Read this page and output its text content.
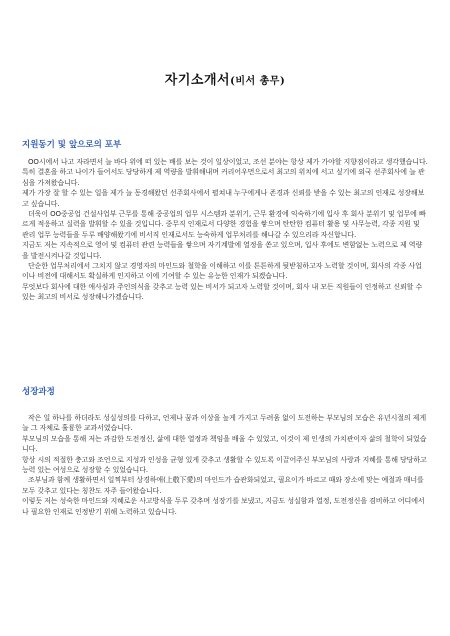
자기소개서(비서 총무)
지원동기 및 앞으로의 포부

OO시에서 나고 자라면서 늘 바다 위에 떠 있는 배를 보는 것이 일상이었고, 조선 분야는 항상 제가 가야할 지향점이라고 생각했습니다.

특히 결혼을 하고 나이가 들어서도 당당하게 제 역량을 발휘해내며 커리어우먼으로서 최고의 위치에 서고 싶기에 외국 선주회사에 늘 관심을 가져왔습니다.

제가 가장 잘 할 수 있는 일을 제가 늘 동경해왔던 선주회사에서 펼쳐내 누구에게나 존경과 신뢰를 받을 수 있는 최고의 인재로 성장해보고 싶습니다.

더욱이 OO중공업 건설사업부 근무를 통해 중공업의 업무 시스템과 분위기, 근무 환경에 익숙하기에 입사 후 회사 분위기 및 업무에 빠르게 적응하고 실력을 발휘할 수 있을 것입니다. 중무직 인재로서 다양한 경험을 쌓으며 탄탄한 컴퓨터 활용 및 사무능력, 각종 지원 및 관리 업무 능력들을 두루 배양해왔기에 비서직 인재로서도 능숙하게 업무처리를 해나갈 수 있으리라 자신합니다.

지금도 저는 지속적으로 영어 및 컴퓨터 관련 능력들을 쌓으며 자기계발에 열정을 쏟고 있으며, 입사 후에도 변함없는 노력으로 제 역량을 발전시켜나갈 것입니다.

단순한 업무처리에서 그치지 않고 경영자의 마인드와 철학을 이해하고 이를 튼튼하게 뒷받침하고자 노력할 것이며, 회사의 각종 사업이나 비전에 대해서도 확실하게 인지하고 이에 기여할 수 있는 유능한 인재가 되겠습니다.

무엇보다 회사에 대한 애사심과 주인의식을 갖추고 능력 있는 비서가 되고자 노력할 것이며, 회사 내 모든 직원들이 인정하고 신뢰할 수 있는 최고의 비서로 성장해나가겠습니다.

성장과정

작은 일 하나를 하더라도 성실성의를 다하고, 언제나 꿈과 이상을 높게 가지고 두려움 없이 도전하는 부모님의 모습은 유년시절의 제게 늘 그 자체로 훌륭한 교과서였습니다.

부모님의 모습을 통해 저는 과감한 도전정신, 삶에 대한 열정과 책임을 배울 수 있었고, 이것이 제 인생의 가치관이자 삶의 철학이 되었습니다.

항상 시의 적절한 충고와 조언으로 지성과 인성을 균형 있게 갖추고 생활할 수 있도록 이끌어주신 부모님의 사랑과 지혜를 통해 당당하고 능력 있는 여성으로 성장할 수 있었습니다.

조부님과 함께 생활하면서 일찍부터 상경하애(上敬下愛)의 마인드가 습관화되었고, 필요이가 바르고 때와 장소에 맞는 예절과 매너를 모두 갖추고 있다는 칭찬도 자주 들어왔습니다.

이렇듯 저는 성숙한 마인드와 지혜로운 사고방식을 두루 갖추며 성장기를 보냈고, 지금도 성실함과 열정, 도전정신을 겸비하고 어디에서나 필요한 인재로 인정받기 위해 노력하고 있습니다.
